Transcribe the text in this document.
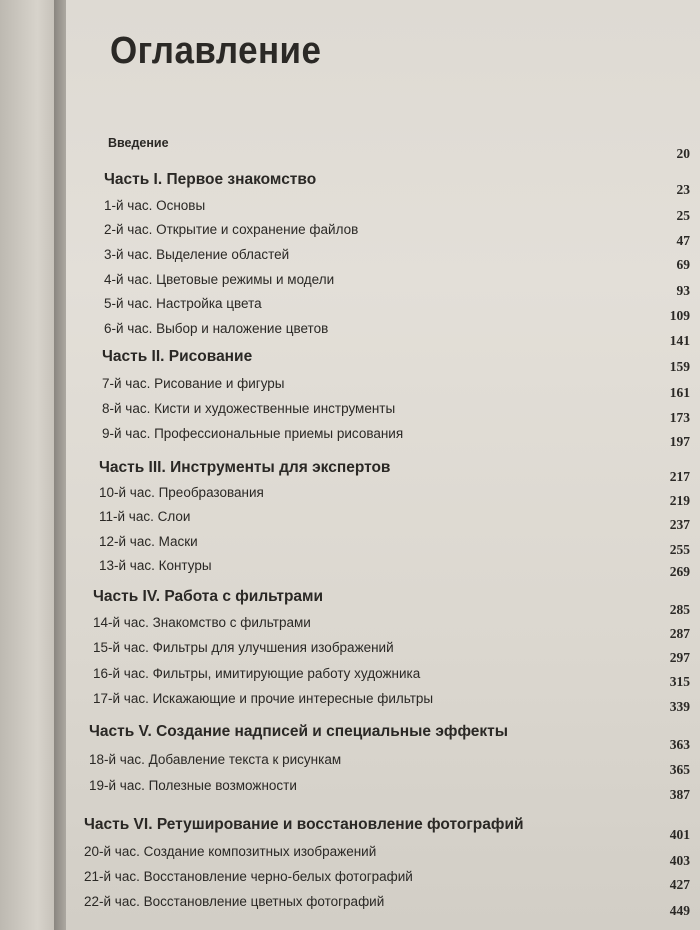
Оглавление
Введение
20
Часть I. Первое знакомство
23
1-й час. Основы
25
2-й час. Открытие и сохранение файлов
47
3-й час. Выделение областей
69
4-й час. Цветовые режимы и модели
93
5-й час. Настройка цвета
109
6-й час. Выбор и наложение цветов
141
Часть II. Рисование
159
7-й час. Рисование и фигуры
161
8-й час. Кисти и художественные инструменты
173
9-й час. Профессиональные приемы рисования
197
Часть III. Инструменты для экспертов
217
10-й час. Преобразования
219
11-й час. Слои
237
12-й час. Маски
255
13-й час. Контуры	269
Часть IV. Работа с фильтрами
285
14-й час. Знакомство с фильтрами
287
15-й час. Фильтры для улучшения изображений
297
16-й час. Фильтры, имитирующие работу художника
315
17-й час. Искажающие и прочие интересные фильтры
339
Часть V. Создание надписей и специальные эффекты
363
18-й час. Добавление текста к рисункам
365
19-й час. Полезные возможности
387
Часть VI. Ретуширование и восстановление фотографий
401
20-й час. Создание композитных изображений
403
21-й час. Восстановление черно-белых фотографий
427
22-й час. Восстановление цветных фотографий
449
